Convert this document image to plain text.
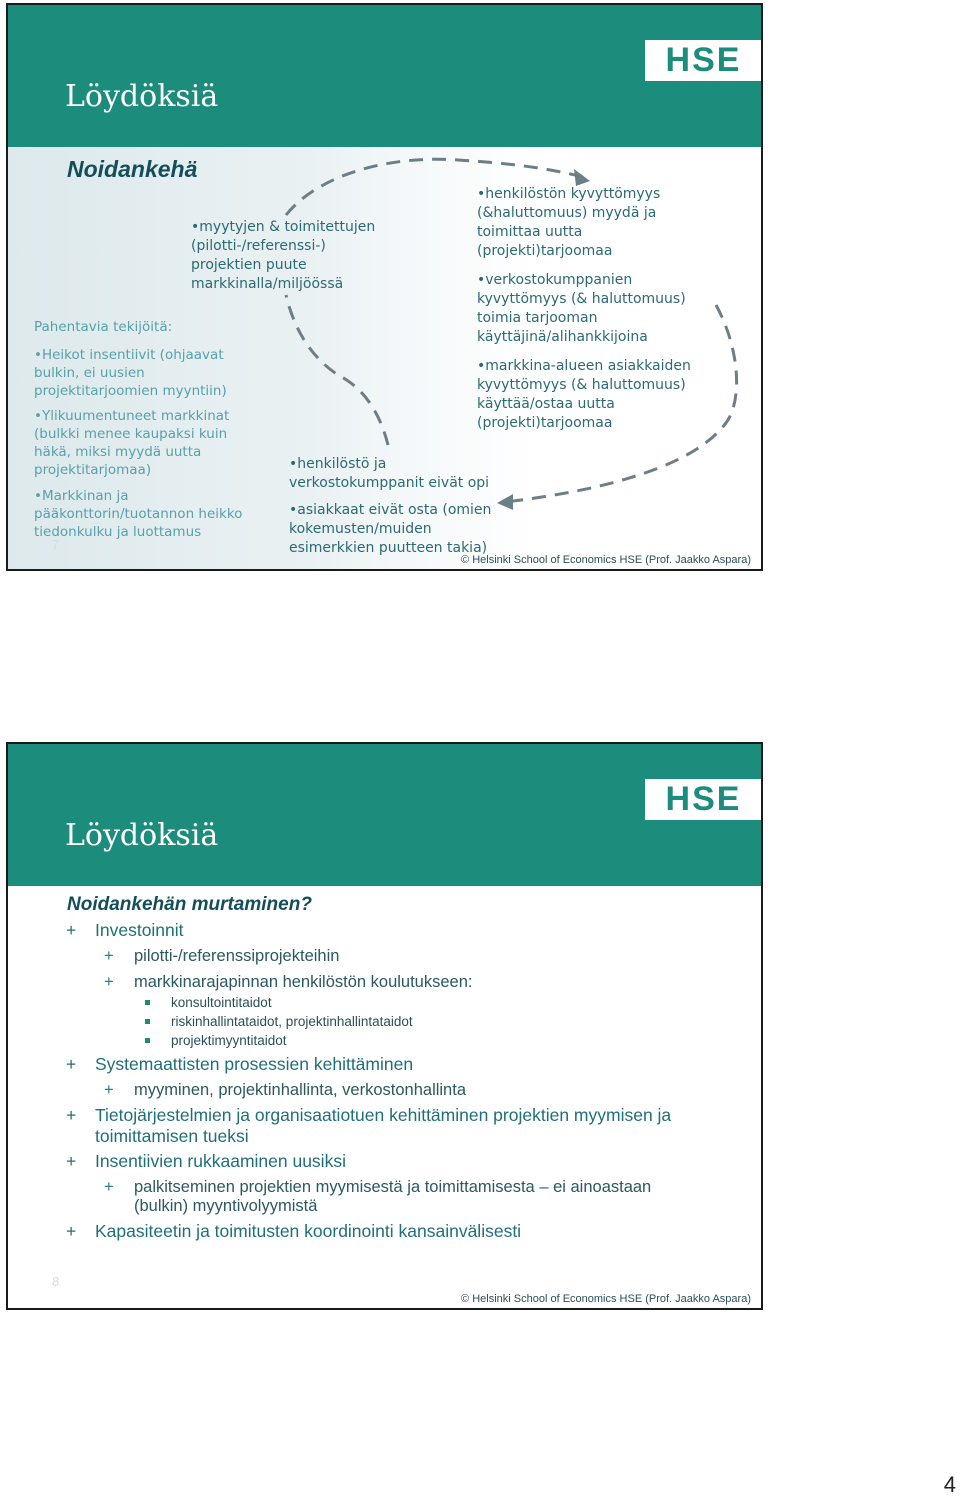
Löydöksiä
HSE
Noidankehä
Pahentavia tekijöitä:
•Heikot insentiivit (ohjaavat bulkin, ei uusien projektitarjoomien myyntiin)
•Ylikuumentuneet markkinat (bulkki menee kaupaksi kuin häkä, miksi myydä uutta projektitarjomaa)
•Markkinan ja pääkonttorin/tuotannon heikko tiedonkulku ja luottamus
•myytyjen & toimitettujen (pilotti-/referenssi-) projektien puute markkinalla/miljöössä
•henkilöstön kyvyttömyys (&haluttomuus) myydä ja toimittaa uutta (projekti)tarjoomaa
•verkostokumppanien kyvyttömyys (& haluttomuus) toimia tarjooman käyttäjinä/alihankkijoina
•markkina-alueen asiakkaiden kyvyttömyys (& haluttomuus) käyttää/ostaa uutta (projekti)tarjoomaa
•henkilöstö ja verkostokumppanit eivät opi
•asiakkaat eivät osta (omien kokemusten/muiden esimerkkien puutteen takia)
7
© Helsinki School of Economics HSE (Prof. Jaakko Aspara)
Löydöksiä
HSE
Noidankehän murtaminen?
+ Investoinnit
+ pilotti-/referenssiprojekteihin
+ markkinarajapinnan henkilöstön koulutukseen:
konsultointitaidot
riskinhallintataidot, projektinhallintataidot
projektimyyntitaidot
+ Systemaattisten prosessien kehittäminen
+ myyminen, projektinhallinta, verkostonhallinta
+	Tietojärjestelmien ja organisaatiotuen kehittäminen projektien myymisen ja toimittamisen tueksi
+ Insentiivien rukkaaminen uusiksi
+	palkitseminen projektien myymisestä ja toimittamisesta – ei ainoastaan (bulkin) myyntivolyymistä
+ Kapasiteetin ja toimitusten koordinointi kansainvälisesti
8
© Helsinki School of Economics HSE (Prof. Jaakko Aspara)
4
